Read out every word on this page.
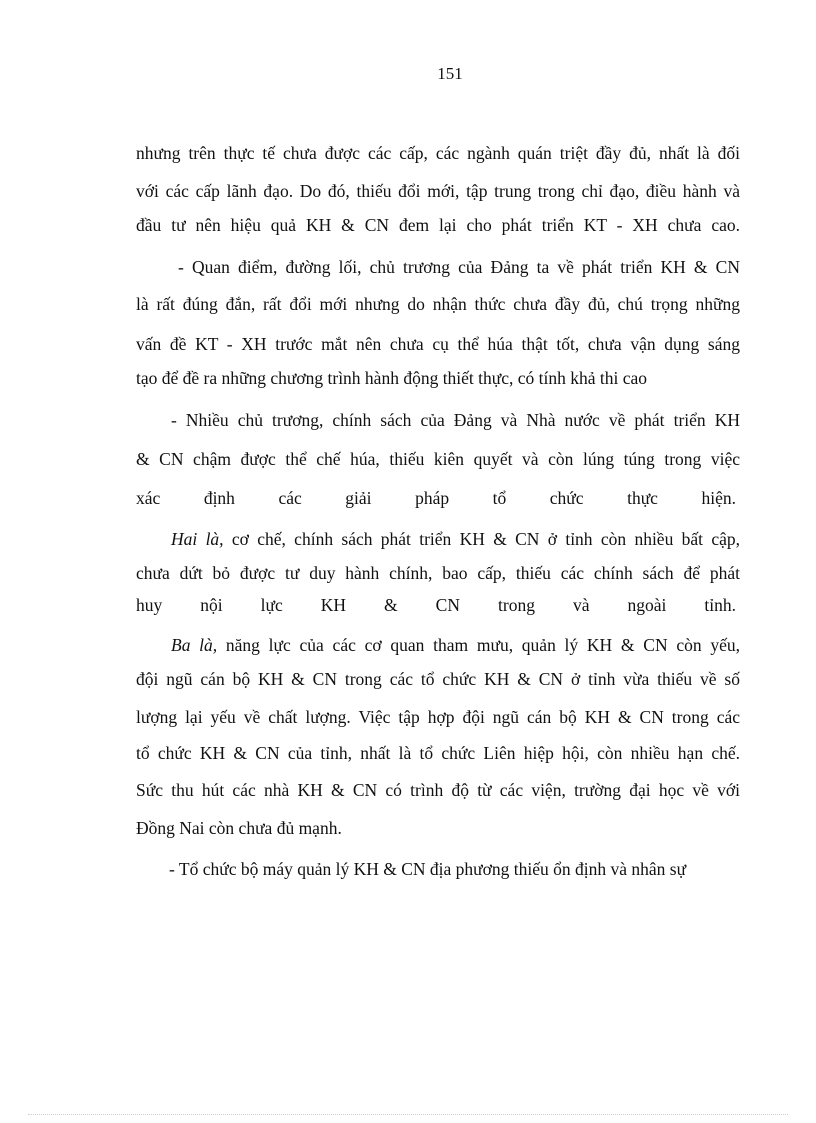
151
nhưng trên thực tế chưa được các cấp, các ngành quán triệt đầy đủ, nhất là đối
với các cấp lãnh đạo. Do đó, thiếu đổi mới, tập trung trong chỉ đạo, điều hành và
đầu tư nên hiệu quả KH & CN đem lại cho phát triển KT - XH chưa cao.
- Quan điểm, đường lối, chủ trương của Đảng ta về phát triển KH & CN
là rất đúng đắn, rất đổi mới nhưng do nhận thức chưa đầy đủ, chú trọng những
vấn đề KT - XH trước mắt nên chưa cụ thể húa thật tốt, chưa vận dụng sáng
tạo để đề ra những chương trình hành động thiết thực, có tính khả thi cao
- Nhiều chủ trương, chính sách của Đảng và Nhà nước về phát triển KH
& CN chậm được thể chế húa, thiếu kiên quyết và còn lúng túng trong việc
xác định các giải pháp tổ chức thực hiện.
Hai là, cơ chế, chính sách phát triển KH & CN ở tỉnh còn nhiều bất cập,
chưa dứt bỏ được tư duy hành chính, bao cấp, thiếu các chính sách để phát
huy nội lực KH & CN trong và ngoài tỉnh.
Ba là, năng lực của các cơ quan tham mưu, quản lý KH & CN còn yếu,
đội ngũ cán bộ KH & CN trong các tổ chức KH & CN ở tỉnh vừa thiếu về số
lượng lại yếu về chất lượng. Việc tập hợp đội ngũ cán bộ KH & CN trong các
tổ chức KH & CN của tỉnh, nhất là tổ chức Liên hiệp hội, còn nhiều hạn chế.
Sức thu hút các nhà KH & CN có trình độ từ các viện, trường đại học về với
Đồng Nai còn chưa đủ mạnh.
- Tổ chức bộ máy quản lý KH & CN địa phương thiếu ổn định và nhân sự
